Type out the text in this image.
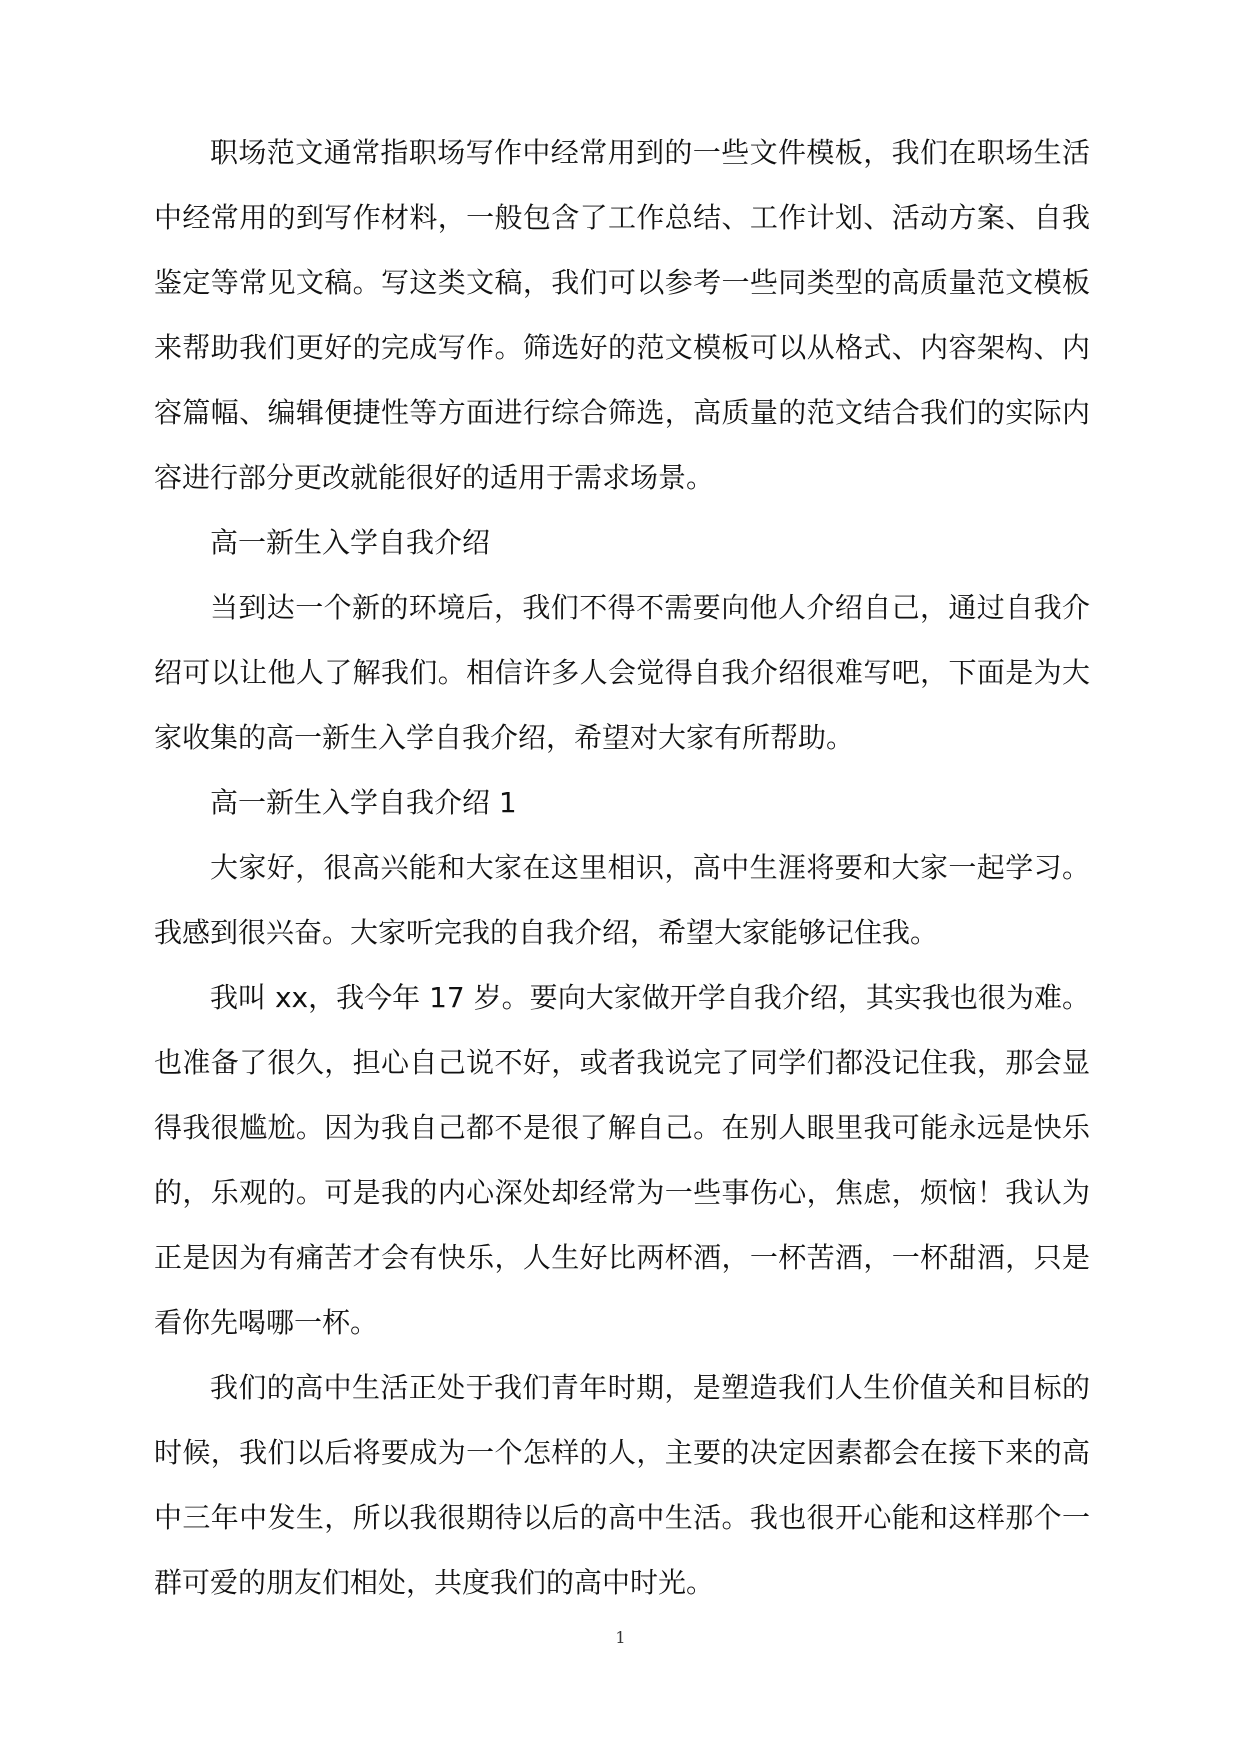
职场范文通常指职场写作中经常用到的一些文件模板，我们在职场生活中经常用的到写作材料，一般包含了工作总结、工作计划、活动方案、自我鉴定等常见文稿。写这类文稿，我们可以参考一些同类型的高质量范文模板来帮助我们更好的完成写作。筛选好的范文模板可以从格式、内容架构、内容篇幅、编辑便捷性等方面进行综合筛选，高质量的范文结合我们的实际内容进行部分更改就能很好的适用于需求场景。

高一新生入学自我介绍

当到达一个新的环境后，我们不得不需要向他人介绍自己，通过自我介绍可以让他人了解我们。相信许多人会觉得自我介绍很难写吧，下面是为大家收集的高一新生入学自我介绍，希望对大家有所帮助。

高一新生入学自我介绍 1

大家好，很高兴能和大家在这里相识，高中生涯将要和大家一起学习。我感到很兴奋。大家听完我的自我介绍，希望大家能够记住我。

我叫 xx，我今年 17 岁。要向大家做开学自我介绍，其实我也很为难。也准备了很久，担心自己说不好，或者我说完了同学们都没记住我，那会显得我很尴尬。因为我自己都不是很了解自己。在别人眼里我可能永远是快乐的，乐观的。可是我的内心深处却经常为一些事伤心，焦虑，烦恼！我认为正是因为有痛苦才会有快乐，人生好比两杯酒，一杯苦酒，一杯甜酒，只是看你先喝哪一杯。

我们的高中生活正处于我们青年时期，是塑造我们人生价值关和目标的时候，我们以后将要成为一个怎样的人，主要的决定因素都会在接下来的高中三年中发生，所以我很期待以后的高中生活。我也很开心能和这样那个一群可爱的朋友们相处，共度我们的高中时光。

1
